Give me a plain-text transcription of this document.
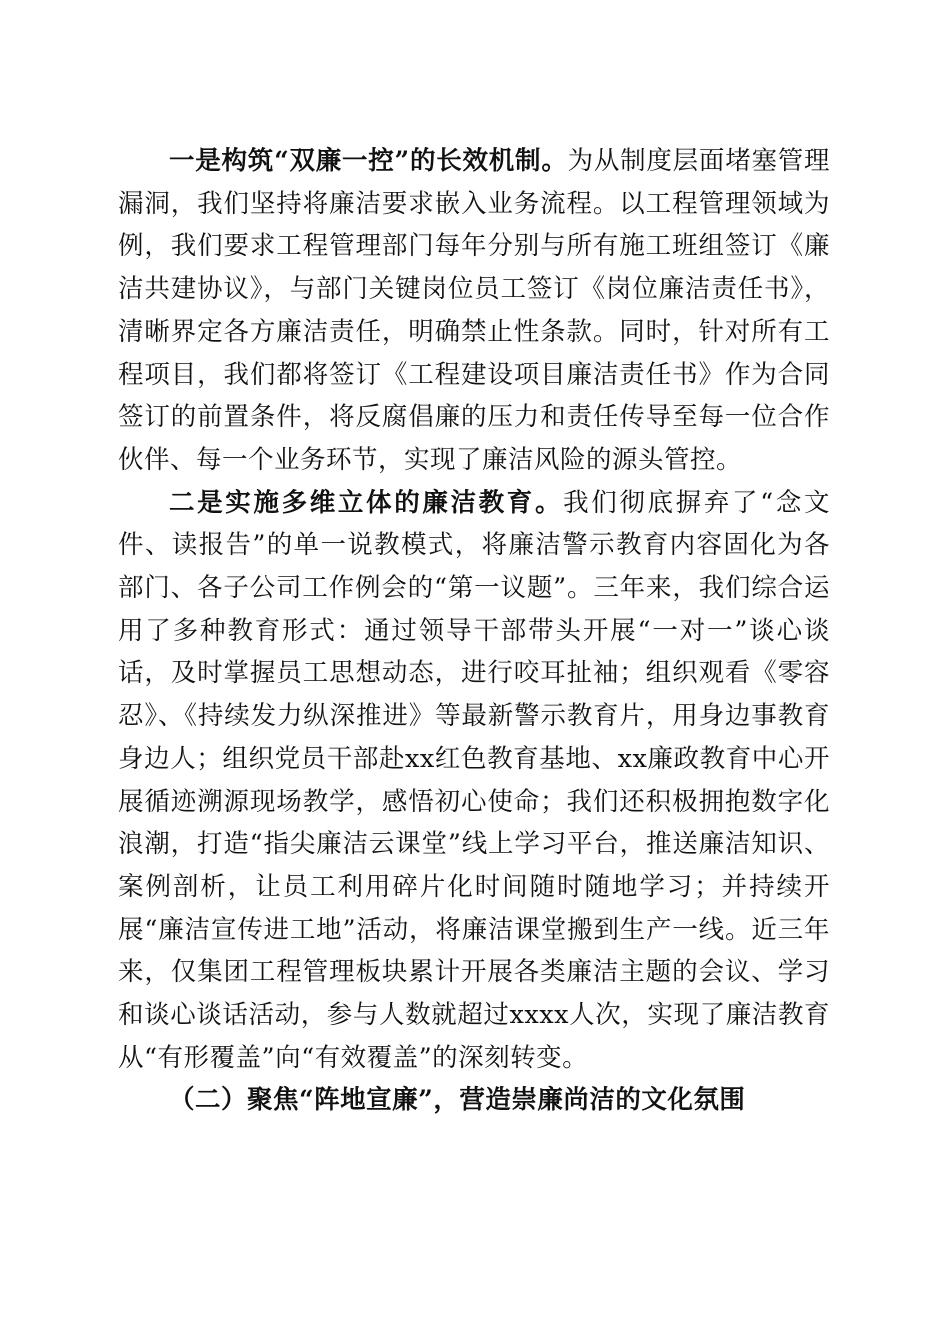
一是构筑“双廉一控”的长效机制。为从制度层面堵塞管理漏洞，我们坚持将廉洁要求嵌入业务流程。以工程管理领域为例，我们要求工程管理部门每年分别与所有施工班组签订《廉洁共建协议》，与部门关键岗位员工签订《岗位廉洁责任书》，清晰界定各方廉洁责任，明确禁止性条款。同时，针对所有工程项目，我们都将签订《工程建设项目廉洁责任书》作为合同签订的前置条件，将反腐倡廉的压力和责任传导至每一位合作伙伴、每一个业务环节，实现了廉洁风险的源头管控。

二是实施多维立体的廉洁教育。我们彻底摒弃了“念文件、读报告”的单一说教模式，将廉洁警示教育内容固化为各部门、各子公司工作例会的“第一议题”。三年来，我们综合运用了多种教育形式：通过领导干部带头开展“一对一”谈心谈话，及时掌握员工思想动态，进行咬耳扯袖；组织观看《零容忍》、《持续发力纵深推进》等最新警示教育片，用身边事教育身边人；组织党员干部赴xx红色教育基地、xx廉政教育中心开展循迹溯源现场教学，感悟初心使命；我们还积极拥抱数字化浪潮，打造“指尖廉洁云课堂”线上学习平台，推送廉洁知识、案例剖析，让员工利用碎片化时间随时随地学习；并持续开展“廉洁宣传进工地”活动，将廉洁课堂搬到生产一线。近三年来，仅集团工程管理板块累计开展各类廉洁主题的会议、学习和谈心谈话活动，参与人数就超过xxxx人次，实现了廉洁教育从“有形覆盖”向“有效覆盖”的深刻转变。

（二）聚焦“阵地宣廉”，营造崇廉尚洁的文化氛围
